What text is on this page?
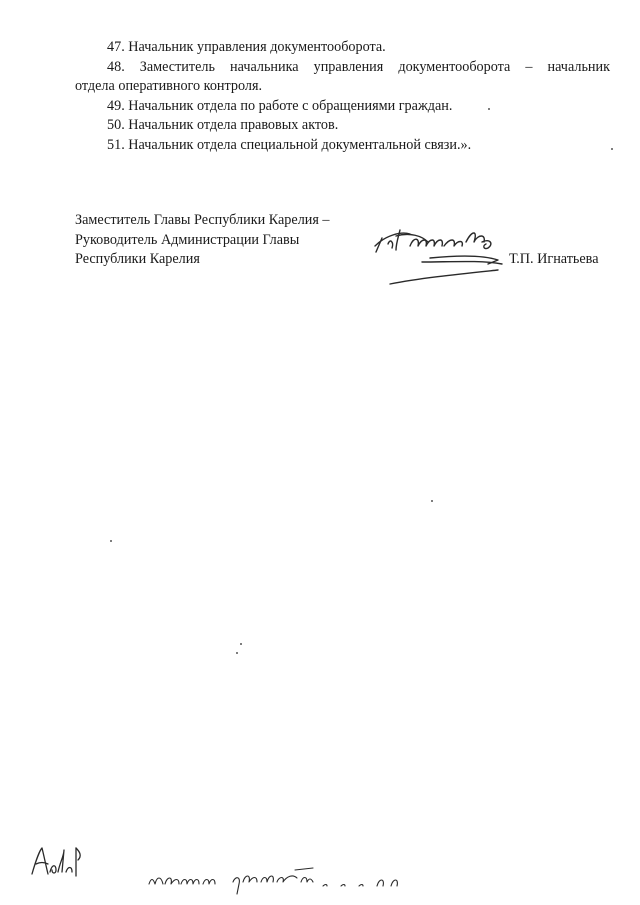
47. Начальник управления документооборота.

48. Заместитель начальника управления документооборота – начальник

отдела оперативного контроля.

49. Начальник отдела по работе с обращениями граждан.

50. Начальник отдела правовых актов.

51. Начальник отдела специальной документальной связи.».

Заместитель Главы Республики Карелия –
Руководитель Администрации Главы
Республики Карелия	Т.П. Игнатьева
